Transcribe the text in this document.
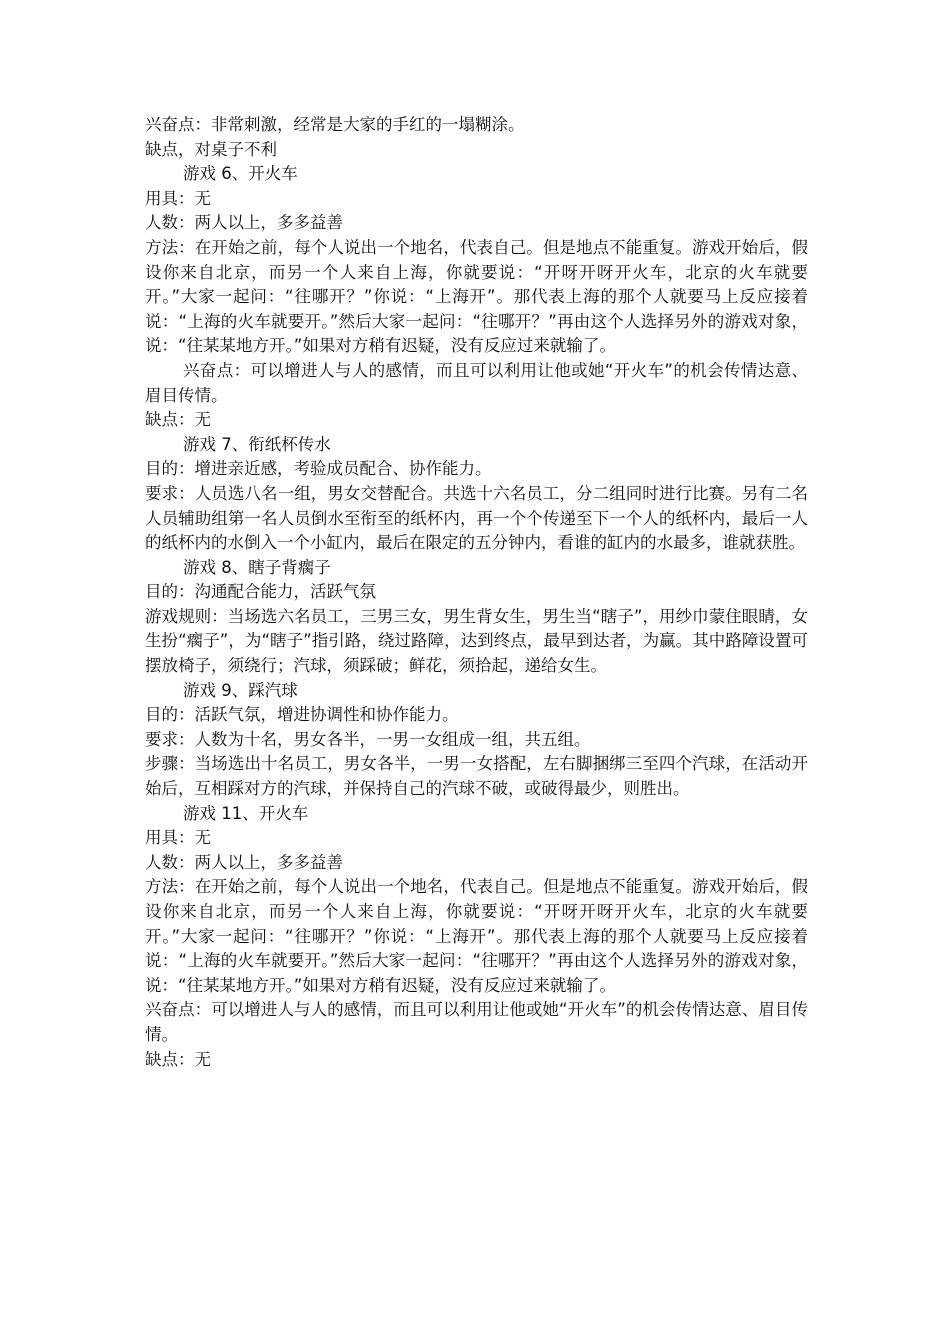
兴奋点：非常刺激，经常是大家的手红的一塌糊涂。

缺点，对桌子不利

游戏 6、开火车

用具：无

人数：两人以上，多多益善

方法：在开始之前，每个人说出一个地名，代表自己。但是地点不能重复。游戏开始后，假设你来自北京，而另一个人来自上海，你就要说：“开呀开呀开火车，北京的火车就要开。”大家一起问：“往哪开？”你说：“上海开”。那代表上海的那个人就要马上反应接着说：“上海的火车就要开。”然后大家一起问：“往哪开？”再由这个人选择另外的游戏对象，说：“往某某地方开。”如果对方稍有迟疑，没有反应过来就输了。

兴奋点：可以增进人与人的感情，而且可以利用让他或她“开火车”的机会传情达意、眉目传情。

缺点：无

游戏 7、衔纸杯传水

目的：增进亲近感，考验成员配合、协作能力。

要求：人员选八名一组，男女交替配合。共选十六名员工，分二组同时进行比赛。另有二名人员辅助组第一名人员倒水至衔至的纸杯内，再一个个传递至下一个人的纸杯内，最后一人的纸杯内的水倒入一个小缸内，最后在限定的五分钟内，看谁的缸内的水最多，谁就获胜。

游戏 8、瞎子背瘸子

目的：沟通配合能力，活跃气氛

游戏规则：当场选六名员工，三男三女，男生背女生，男生当“瞎子”，用纱巾蒙住眼睛，女生扮“瘸子”，为“瞎子”指引路，绕过路障，达到终点，最早到达者，为赢。其中路障设置可摆放椅子，须绕行；汽球，须踩破；鲜花，须拾起，递给女生。

游戏 9、踩汽球

目的：活跃气氛，增进协调性和协作能力。

要求：人数为十名，男女各半，一男一女组成一组，共五组。

步骤：当场选出十名员工，男女各半，一男一女搭配，左右脚捆绑三至四个汽球，在活动开始后，互相踩对方的汽球，并保持自己的汽球不破，或破得最少，则胜出。

游戏 11、开火车

用具：无

人数：两人以上，多多益善

方法：在开始之前，每个人说出一个地名，代表自己。但是地点不能重复。游戏开始后，假设你来自北京，而另一个人来自上海，你就要说：“开呀开呀开火车，北京的火车就要开。”大家一起问：“往哪开？”你说：“上海开”。那代表上海的那个人就要马上反应接着说：“上海的火车就要开。”然后大家一起问：“往哪开？”再由这个人选择另外的游戏对象，说：“往某某地方开。”如果对方稍有迟疑，没有反应过来就输了。

兴奋点：可以增进人与人的感情，而且可以利用让他或她“开火车”的机会传情达意、眉目传情。

缺点：无
